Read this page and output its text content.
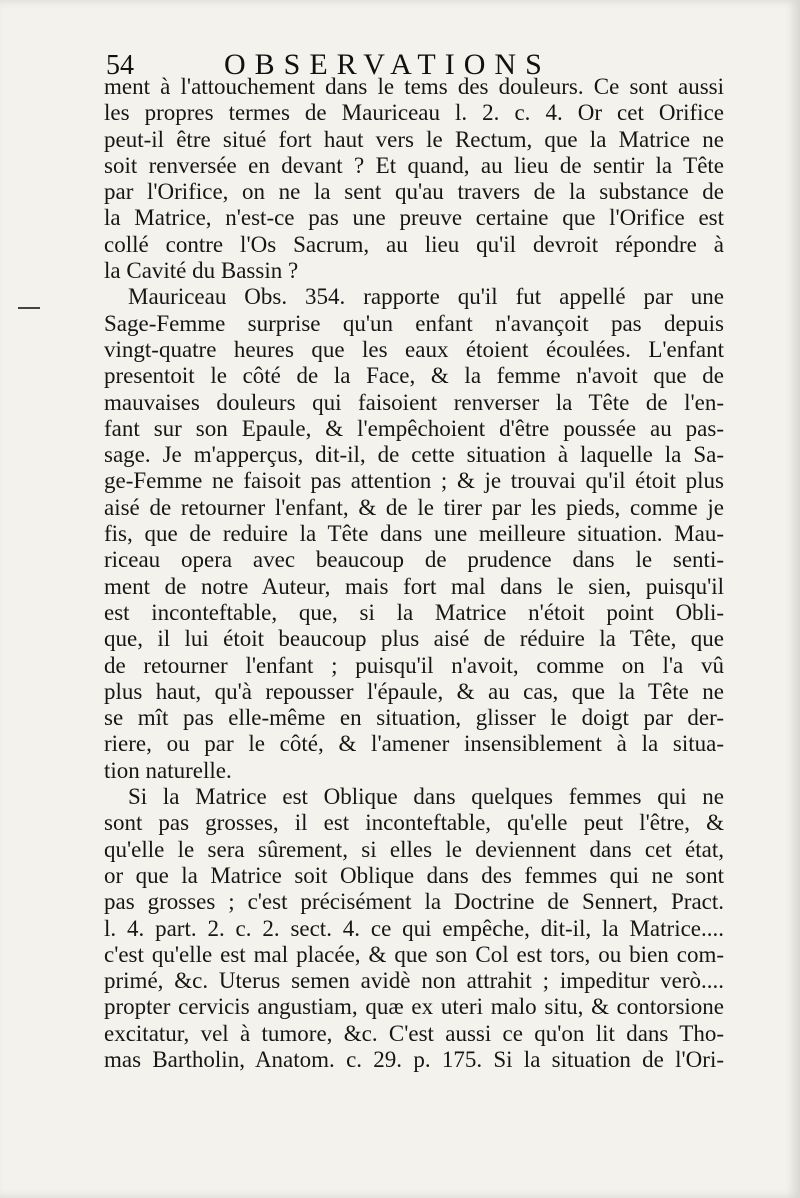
54	OBSERVATIONS
ment à l'attouchement dans le tems des douleurs. Ce sont aussi
les propres termes de Mauriceau l. 2. c. 4. Or cet Orifice
peut-il être situé fort haut vers le Rectum, que la Matrice ne
soit renversée en devant ? Et quand, au lieu de sentir la Tête
par l'Orifice, on ne la sent qu'au travers de la substance de
la Matrice, n'est-ce pas une preuve certaine que l'Orifice est
collé contre l'Os Sacrum, au lieu qu'il devroit répondre à
la Cavité du Bassin ?
Mauriceau Obs. 354. rapporte qu'il fut appellé par une
Sage-Femme surprise qu'un enfant n'avançoit pas depuis
vingt-quatre heures que les eaux étoient écoulées. L'enfant
presentoit le côté de la Face, & la femme n'avoit que de
mauvaises douleurs qui faisoient renverser la Tête de l'en-
fant sur son Epaule, & l'empêchoient d'être poussée au pas-
sage. Je m'apperçus, dit-il, de cette situation à laquelle la Sa-
ge-Femme ne faisoit pas attention ; & je trouvai qu'il étoit plus
aisé de retourner l'enfant, & de le tirer par les pieds, comme je
fis, que de reduire la Tête dans une meilleure situation. Mau-
riceau opera avec beaucoup de prudence dans le senti-
ment de notre Auteur, mais fort mal dans le sien, puisqu'il
est inconteftable, que, si la Matrice n'étoit point Obli-
que, il lui étoit beaucoup plus aisé de réduire la Tête, que
de retourner l'enfant ; puisqu'il n'avoit, comme on l'a vû
plus haut, qu'à repousser l'épaule, & au cas, que la Tête ne
se mît pas elle-même en situation, glisser le doigt par der-
riere, ou par le côté, & l'amener insensiblement à la situa-
tion naturelle.
Si la Matrice est Oblique dans quelques femmes qui ne
sont pas grosses, il est inconteftable, qu'elle peut l'être, &
qu'elle le sera sûrement, si elles le deviennent dans cet état,
or que la Matrice soit Oblique dans des femmes qui ne sont
pas grosses ; c'est précisément la Doctrine de Sennert, Pract.
l. 4. part. 2. c. 2. sect. 4. ce qui empêche, dit-il, la Matrice....
c'est qu'elle est mal placée, & que son Col est tors, ou bien com-
primé, &c. Uterus semen avidè non attrahit ; impeditur verò....
propter cervicis angustiam, quæ ex uteri malo situ, & contorsione
excitatur, vel à tumore, &c. C'est aussi ce qu'on lit dans Tho-
mas Bartholin, Anatom. c. 29. p. 175. Si la situation de l'Ori-
